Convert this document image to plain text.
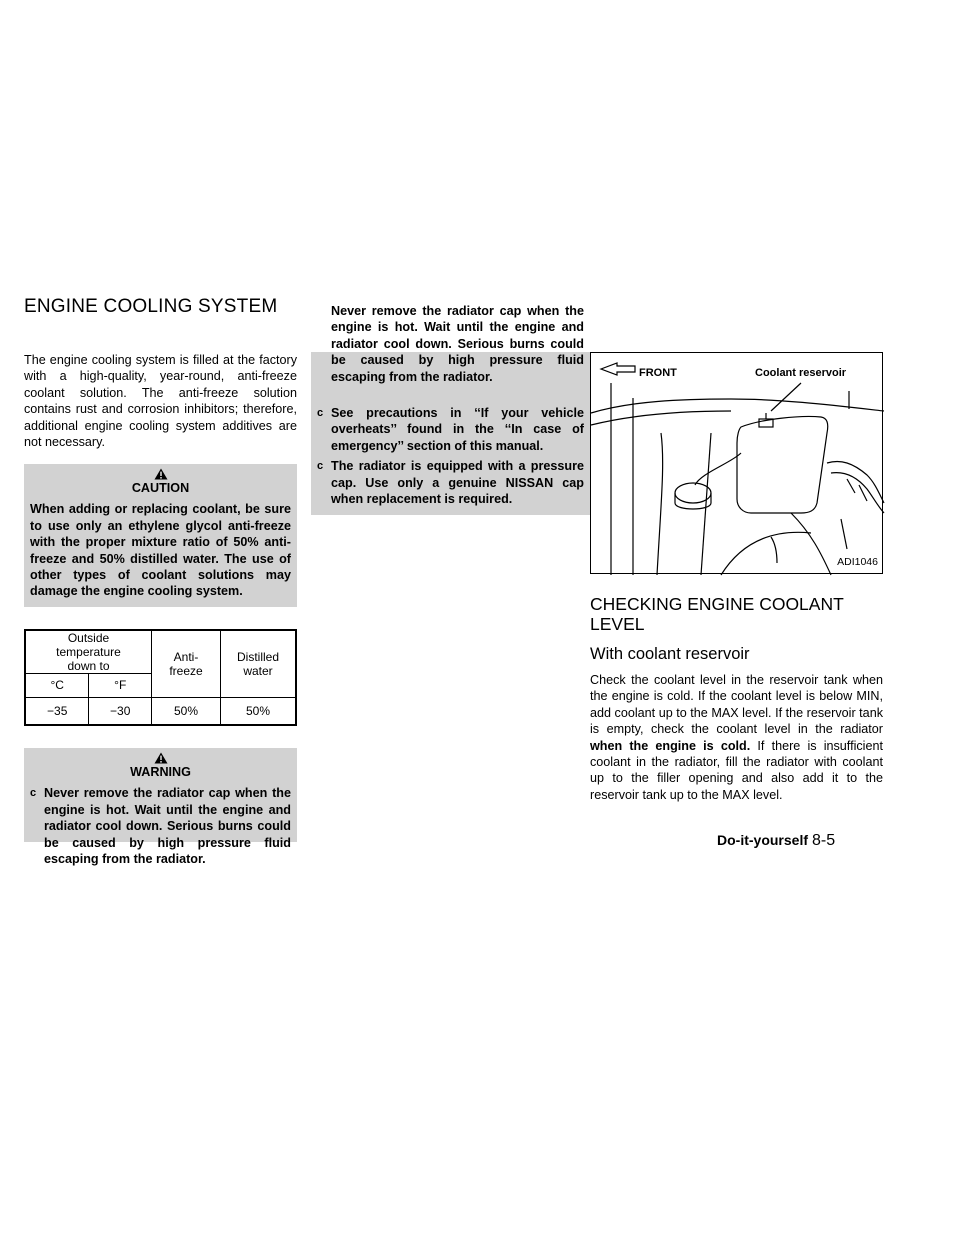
ENGINE COOLING SYSTEM

The engine cooling system is filled at the factory with a high-quality, year-round, anti-freeze coolant solution. The anti-freeze solution contains rust and corrosion inhibitors; therefore, additional engine cooling system additives are not necessary.

CAUTION

When adding or replacing coolant, be sure to use only an ethylene glycol anti-freeze with the proper mixture ratio of 50% anti-freeze and 50% distilled water. The use of other types of coolant solutions may damage the engine cooling system.

Outside temperature down to		Anti-freeze	Distilled water
°C	°F		
−35	−30	50%	50%
WARNING
c Never remove the radiator cap when the engine is hot. Wait until the engine and radiator cool down. Serious burns could be caused by high pressure fluid escaping from the radiator.
Never remove the radiator cap when the engine is hot. Wait until the engine and radiator cool down. Serious burns could be caused by high pressure fluid escaping from the radiator.
c See precautions in ‘‘If your vehicle overheats’’ found in the ‘‘In case of emergency’’ section of this manual.
c The radiator is equipped with a pressure cap. Use only a genuine NISSAN cap when replacement is required.
FRONT	Coolant reservoir
ADI1046
CHECKING ENGINE COOLANT LEVEL
With coolant reservoir

Check the coolant level in the reservoir tank when the engine is cold. If the coolant level is below MIN, add coolant up to the MAX level. If the reservoir tank is empty, check the coolant level in the radiator when the engine is cold. If there is insufficient coolant in the radiator, fill the radiator with coolant up to the filler opening and also add it to the reservoir tank up to the MAX level.

Do-it-yourself 8-5
